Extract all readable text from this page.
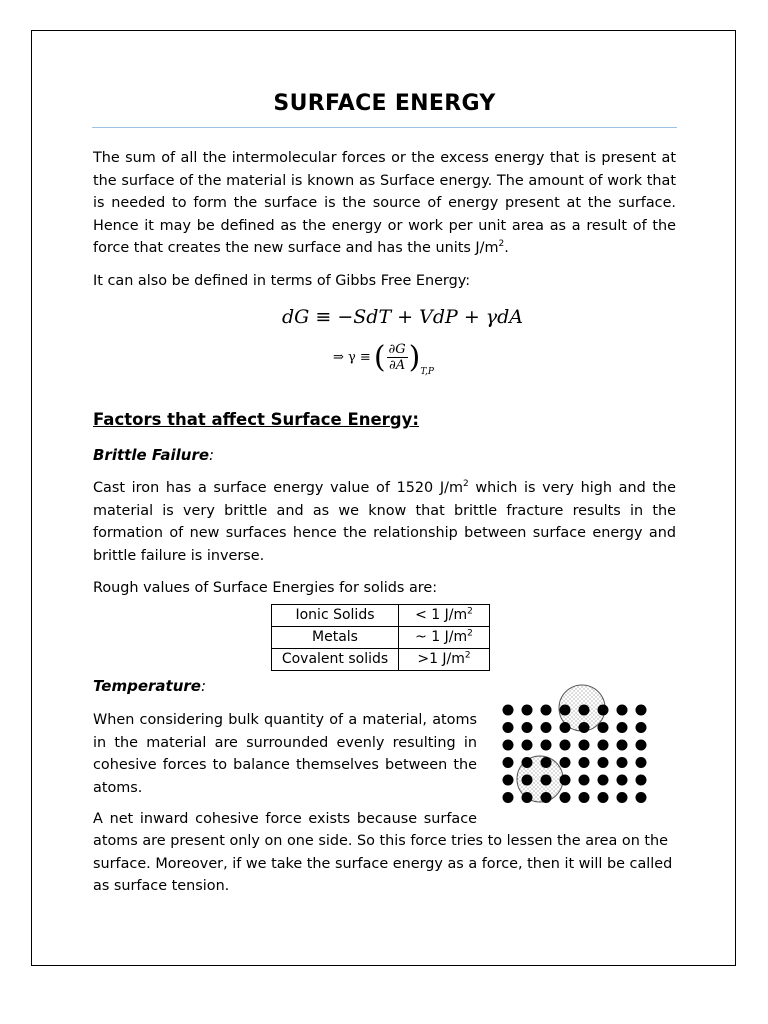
SURFACE ENERGY

The sum of all the intermolecular forces or the excess energy that is present at the surface of the material is known as Surface energy. The amount of work that is needed to form the surface is the source of energy present at the surface. Hence it may be defined as the energy or work per unit area as a result of the force that creates the new surface and has the units $J/m^2$.

It can also be defined in terms of Gibbs Free Energy:

dG ≡ −SdT + VdP + γdA
⇒ γ ≡ ( $\frac{\partial G}{\partial A}$ ) T,P
Factors that affect Surface Energy:
Brittle Failure:

Cast iron has a surface energy value of 1520 $J/m^2$ which is very high and the material is very brittle and as we know that brittle fracture results in the formation of new surfaces hence the relationship between surface energy and brittle failure is inverse.

Rough values of Surface Energies for solids are:

Ionic Solids	< 1 $J/m^2$
Metals	~ 1 $J/m^2$
Covalent solids	>1 $J/m^2$
Temperature:

When considering bulk quantity of a material, atoms in the material are surrounded evenly resulting in cohesive forces to balance themselves between the atoms.

A net inward cohesive force exists because surface

atoms are present only on one side. So this force tries to lessen the area on the surface. Moreover, if we take the surface energy as a force, then it will be called as surface tension.
